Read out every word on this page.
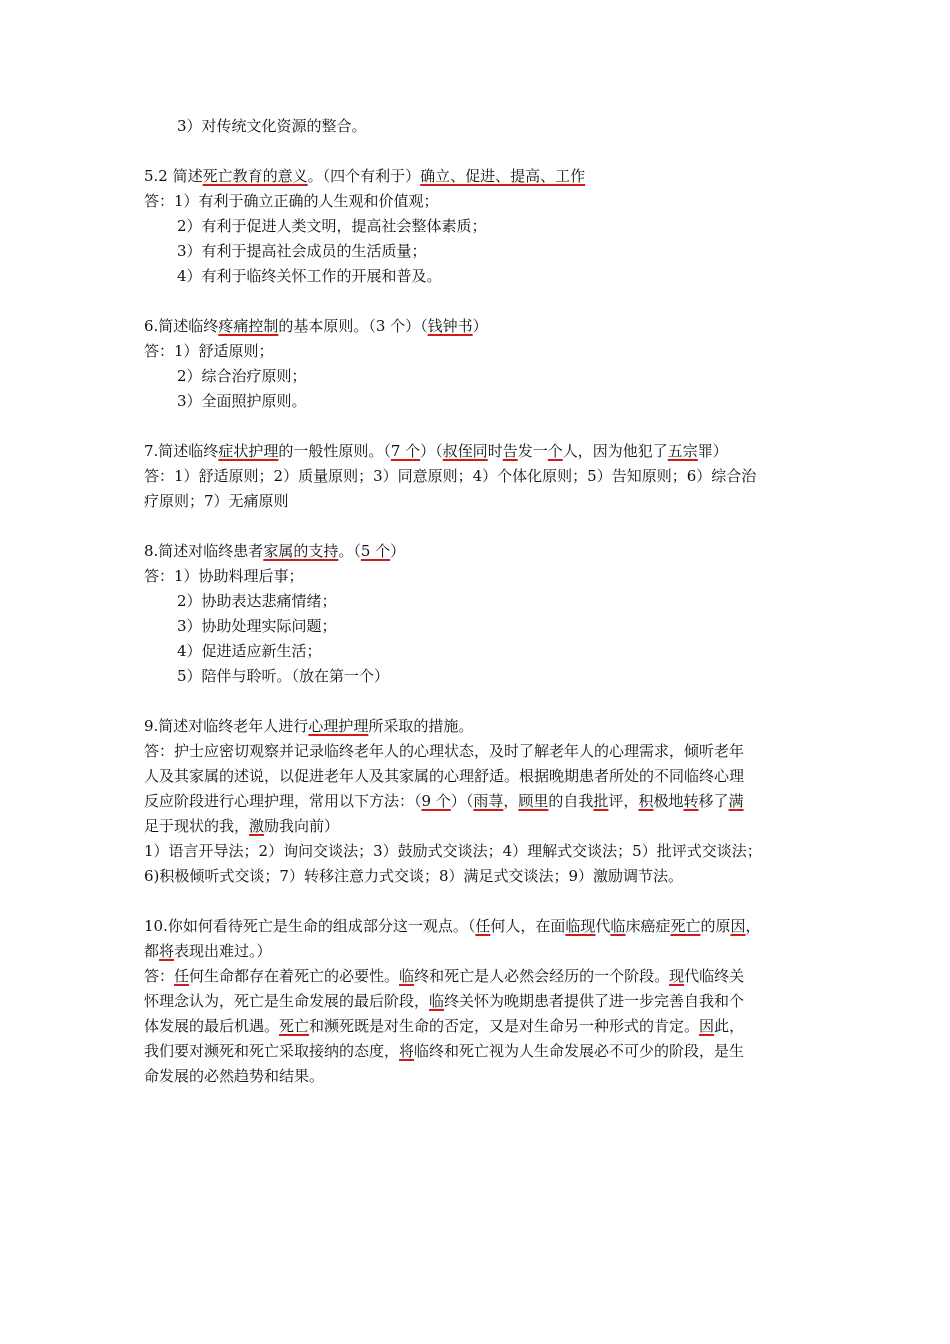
3）对传统文化资源的整合。
5.2 简述死亡教育的意义。（四个有利于）确立、促进、提高、工作
答：1）有利于确立正确的人生观和价值观；
2）有利于促进人类文明，提高社会整体素质；
3）有利于提高社会成员的生活质量；
4）有利于临终关怀工作的开展和普及。
6.简述临终疼痛控制的基本原则。（3 个）（钱钟书）
答：1）舒适原则；
2）综合治疗原则；
3）全面照护原则。
7.简述临终症状护理的一般性原则。（7 个）（叔侄同时告发一个人，因为他犯了五宗罪）
答：1）舒适原则；2）质量原则；3）同意原则；4）个体化原则；5）告知原则；6）综合治
疗原则；7）无痛原则
8.简述对临终患者家属的支持。（5 个）
答：1）协助料理后事；
2）协助表达悲痛情绪；
3）协助处理实际问题；
4）促进适应新生活；
5）陪伴与聆听。（放在第一个）
9.简述对临终老年人进行心理护理所采取的措施。
答：护士应密切观察并记录临终老年人的心理状态，及时了解老年人的心理需求，倾听老年
人及其家属的述说，以促进老年人及其家属的心理舒适。根据晚期患者所处的不同临终心理
反应阶段进行心理护理，常用以下方法：（9 个）（雨荨，顾里的自我批评，积极地转移了满
足于现状的我，激励我向前）
1）语言开导法；2）询问交谈法；3）鼓励式交谈法；4）理解式交谈法；5）批评式交谈法；
6)积极倾听式交谈；7）转移注意力式交谈；8）满足式交谈法；9）激励调节法。
10.你如何看待死亡是生命的组成部分这一观点。（任何人，在面临现代临床癌症死亡的原因，
都将表现出难过。）
答：任何生命都存在着死亡的必要性。临终和死亡是人必然会经历的一个阶段。现代临终关
怀理念认为，死亡是生命发展的最后阶段，临终关怀为晚期患者提供了进一步完善自我和个
体发展的最后机遇。死亡和濒死既是对生命的否定，又是对生命另一种形式的肯定。因此，
我们要对濒死和死亡采取接纳的态度，将临终和死亡视为人生命发展必不可少的阶段，是生
命发展的必然趋势和结果。
